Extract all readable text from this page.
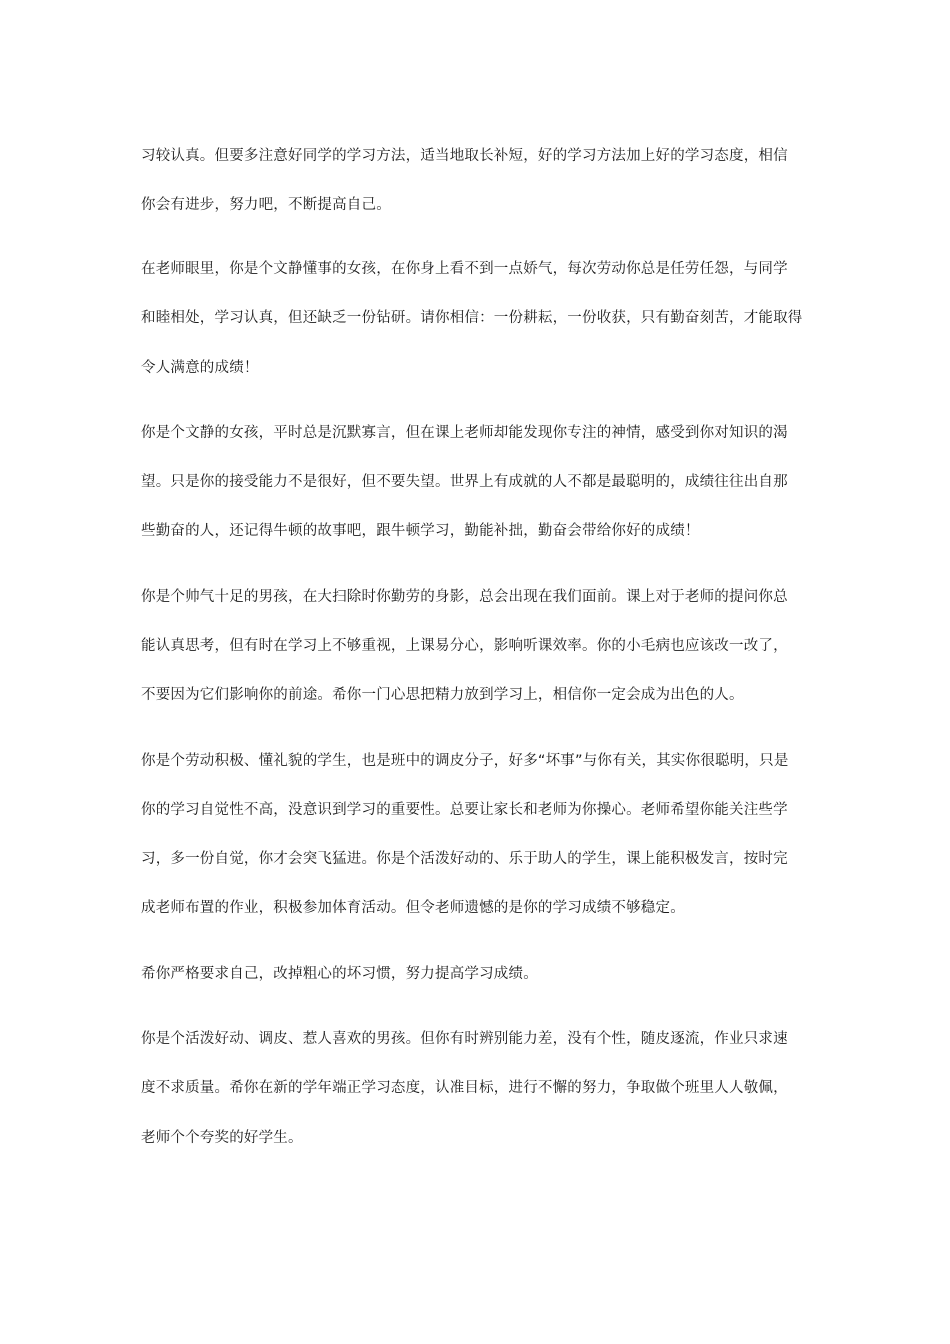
习较认真。但要多注意好同学的学习方法，适当地取长补短，好的学习方法加上好的学习态度，相信
你会有进步，努力吧，不断提高自己。
在老师眼里，你是个文静懂事的女孩，在你身上看不到一点娇气，每次劳动你总是任劳任怨，与同学
和睦相处，学习认真，但还缺乏一份钻研。请你相信：一份耕耘，一份收获，只有勤奋刻苦，才能取得
令人满意的成绩！
你是个文静的女孩，平时总是沉默寡言，但在课上老师却能发现你专注的神情，感受到你对知识的渴
望。只是你的接受能力不是很好，但不要失望。世界上有成就的人不都是最聪明的，成绩往往出自那
些勤奋的人，还记得牛顿的故事吧，跟牛顿学习，勤能补拙，勤奋会带给你好的成绩！
你是个帅气十足的男孩，在大扫除时你勤劳的身影，总会出现在我们面前。课上对于老师的提问你总
能认真思考，但有时在学习上不够重视，上课易分心，影响听课效率。你的小毛病也应该改一改了，
不要因为它们影响你的前途。希你一门心思把精力放到学习上，相信你一定会成为出色的人。
你是个劳动积极、懂礼貌的学生，也是班中的调皮分子，好多“坏事”与你有关，其实你很聪明，只是
你的学习自觉性不高，没意识到学习的重要性。总要让家长和老师为你操心。老师希望你能关注些学
习，多一份自觉，你才会突飞猛进。你是个活泼好动的、乐于助人的学生，课上能积极发言，按时完
成老师布置的作业，积极参加体育活动。但令老师遗憾的是你的学习成绩不够稳定。
希你严格要求自己，改掉粗心的坏习惯，努力提高学习成绩。
你是个活泼好动、调皮、惹人喜欢的男孩。但你有时辨别能力差，没有个性，随皮逐流，作业只求速
度不求质量。希你在新的学年端正学习态度，认准目标，进行不懈的努力，争取做个班里人人敬佩，
老师个个夸奖的好学生。
